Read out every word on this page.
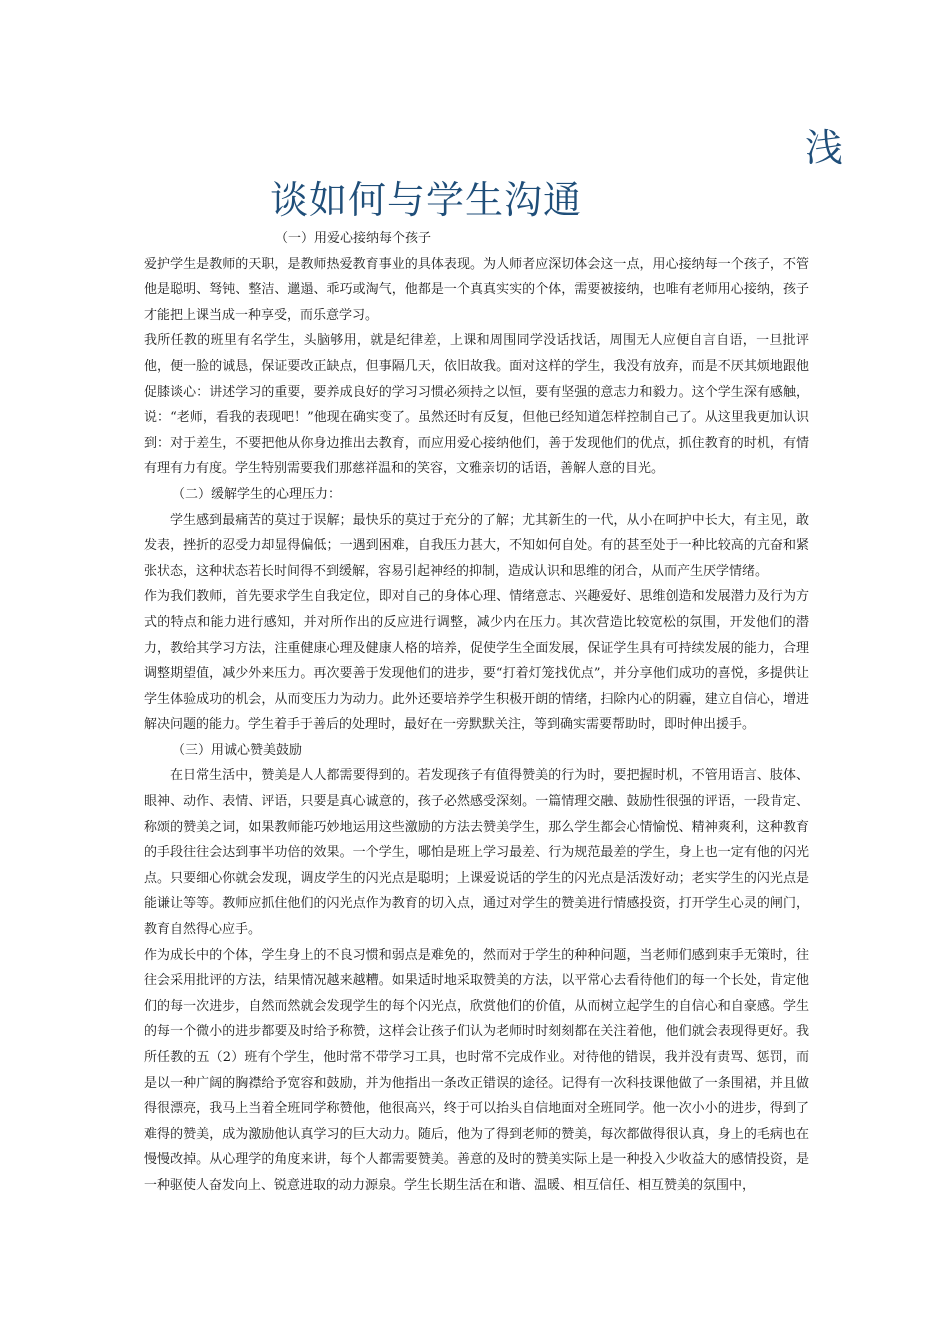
浅
谈如何与学生沟通

（一）用爱心接纳每个孩子

爱护学生是教师的天职，是教师热爱教育事业的具体表现。为人师者应深切体会这一点，用心接纳每一个孩子，不管他是聪明、驽钝、整洁、邋遢、乖巧或淘气，他都是一个真真实实的个体，需要被接纳，也唯有老师用心接纳，孩子才能把上课当成一种享受，而乐意学习。

我所任教的班里有名学生，头脑够用，就是纪律差，上课和周围同学没话找话，周围无人应便自言自语，一旦批评他，便一脸的诚恳，保证要改正缺点，但事隔几天，依旧故我。面对这样的学生，我没有放弃，而是不厌其烦地跟他促膝谈心：讲述学习的重要，要养成良好的学习习惯必须持之以恒，要有坚强的意志力和毅力。这个学生深有感触，说：“老师，看我的表现吧！”他现在确实变了。虽然还时有反复，但他已经知道怎样控制自己了。从这里我更加认识到：对于差生，不要把他从你身边推出去教育，而应用爱心接纳他们，善于发现他们的优点，抓住教育的时机，有情有理有力有度。学生特别需要我们那慈祥温和的笑容，文雅亲切的话语，善解人意的目光。

（二）缓解学生的心理压力：

学生感到最痛苦的莫过于误解；最快乐的莫过于充分的了解；尤其新生的一代，从小在呵护中长大，有主见，敢发表，挫折的忍受力却显得偏低；一遇到困难，自我压力甚大，不知如何自处。有的甚至处于一种比较高的亢奋和紧张状态，这种状态若长时间得不到缓解，容易引起神经的抑制，造成认识和思维的闭合，从而产生厌学情绪。

作为我们教师，首先要求学生自我定位，即对自己的身体心理、情绪意志、兴趣爱好、思维创造和发展潜力及行为方式的特点和能力进行感知，并对所作出的反应进行调整，减少内在压力。其次营造比较宽松的氛围，开发他们的潜力，教给其学习方法，注重健康心理及健康人格的培养，促使学生全面发展，保证学生具有可持续发展的能力，合理调整期望值，减少外来压力。再次要善于发现他们的进步，要“打着灯笼找优点”，并分享他们成功的喜悦，多提供让学生体验成功的机会，从而变压力为动力。此外还要培养学生积极开朗的情绪，扫除内心的阴霾，建立自信心，增进解决问题的能力。学生着手于善后的处理时，最好在一旁默默关注，等到确实需要帮助时，即时伸出援手。

（三）用诚心赞美鼓励

在日常生活中，赞美是人人都需要得到的。若发现孩子有值得赞美的行为时，要把握时机，不管用语言、肢体、眼神、动作、表情、评语，只要是真心诚意的，孩子必然感受深刻。一篇情理交融、鼓励性很强的评语，一段肯定、称颂的赞美之词，如果教师能巧妙地运用这些激励的方法去赞美学生，那么学生都会心情愉悦、精神爽利，这种教育的手段往往会达到事半功倍的效果。一个学生，哪怕是班上学习最差、行为规范最差的学生，身上也一定有他的闪光点。只要细心你就会发现，调皮学生的闪光点是聪明；上课爱说话的学生的闪光点是活泼好动；老实学生的闪光点是能谦让等等。教师应抓住他们的闪光点作为教育的切入点，通过对学生的赞美进行情感投资，打开学生心灵的闸门，教育自然得心应手。

作为成长中的个体，学生身上的不良习惯和弱点是难免的，然而对于学生的种种问题，当老师们感到束手无策时，往往会采用批评的方法，结果情况越来越糟。如果适时地采取赞美的方法，以平常心去看待他们的每一个长处，肯定他们的每一次进步，自然而然就会发现学生的每个闪光点，欣赏他们的价值，从而树立起学生的自信心和自豪感。学生的每一个微小的进步都要及时给予称赞，这样会让孩子们认为老师时时刻刻都在关注着他，他们就会表现得更好。我所任教的五（2）班有个学生，他时常不带学习工具，也时常不完成作业。对待他的错误，我并没有责骂、惩罚，而是以一种广阔的胸襟给予宽容和鼓励，并为他指出一条改正错误的途径。记得有一次科技课他做了一条围裙，并且做得很漂亮，我马上当着全班同学称赞他，他很高兴，终于可以抬头自信地面对全班同学。他一次小小的进步，得到了难得的赞美，成为激励他认真学习的巨大动力。随后，他为了得到老师的赞美，每次都做得很认真，身上的毛病也在慢慢改掉。从心理学的角度来讲，每个人都需要赞美。善意的及时的赞美实际上是一种投入少收益大的感情投资，是一种驱使人奋发向上、锐意进取的动力源泉。学生长期生活在和谐、温暖、相互信任、相互赞美的氛围中，
